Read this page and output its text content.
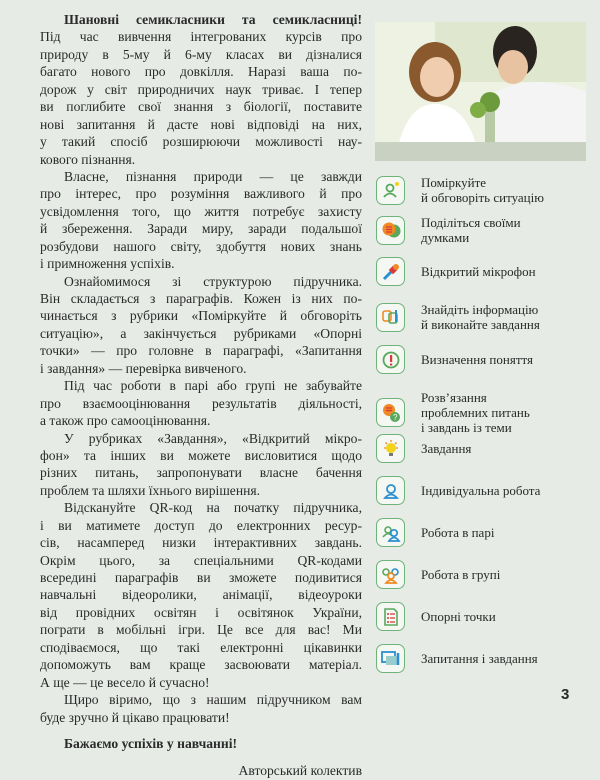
Шановні семикласники та семикласниці!
Під час вивчення інтегрованих курсів про
природу в 5-му й 6-му класах ви дізналися
багато нового про довкілля. Наразі ваша по-
дорож у світ природничих наук триває. І тепер
ви поглибите свої знання з біології, поставите
нові запитання й дасте нові відповіді на них,
у такий спосіб розширюючи можливості нау-
кового пізнання.
Власне, пізнання природи — це завжди
про інтерес, про розуміння важливого й про
усвідомлення того, що життя потребує захисту
й збереження. Заради миру, заради подальшої
розбудови нашого світу, здобуття нових знань
і примноження успіхів.
Ознайомимося зі структурою підручника.
Він складається з параграфів. Кожен із них по-
чинається з рубрики «Поміркуйте й обговоріть
ситуацію», а закінчується рубриками «Опорні
точки» — про головне в параграфі, «Запитання
і завдання» — перевірка вивченого.
Під час роботи в парі або групі не забувайте
про взаємооцінювання результатів діяльності,
а також про самооцінювання.
У рубриках «Завдання», «Відкритий мікро-
фон» та інших ви можете висловитися щодо
різних питань, запропонувати власне бачення
проблем та шляхи їхнього вирішення.
Відскануйте QR-код на початку підручника,
і ви матимете доступ до електронних ресур-
сів, насамперед низки інтерактивних завдань.
Окрім цього, за спеціальними QR-кодами
всередині параграфів ви зможете подивитися
навчальні відеоролики, анімації, відеоуроки
від провідних освітян і освітянок України,
пограти в мобільні ігри. Це все для вас! Ми
сподіваємося, що такі електронні цікавинки
допоможуть вам краще засвоювати матеріал.
А ще — це весело й сучасно!
Щиро віримо, що з нашим підручником вам
буде зручно й цікаво працювати!
Бажаємо успіхів у навчанні!
Авторський колектив
Поміркуйте
й обговоріть ситуацію
Поділіться своїми
думками
Відкритий мікрофон
Знайдіть інформацію
й виконайте завдання
Визначення поняття
?
Розв’язання
проблемних питань
і завдань із теми
Завдання
Індивідуальна робота
Робота в парі
Робота в групі
Опорні точки
Запитання і завдання
3
